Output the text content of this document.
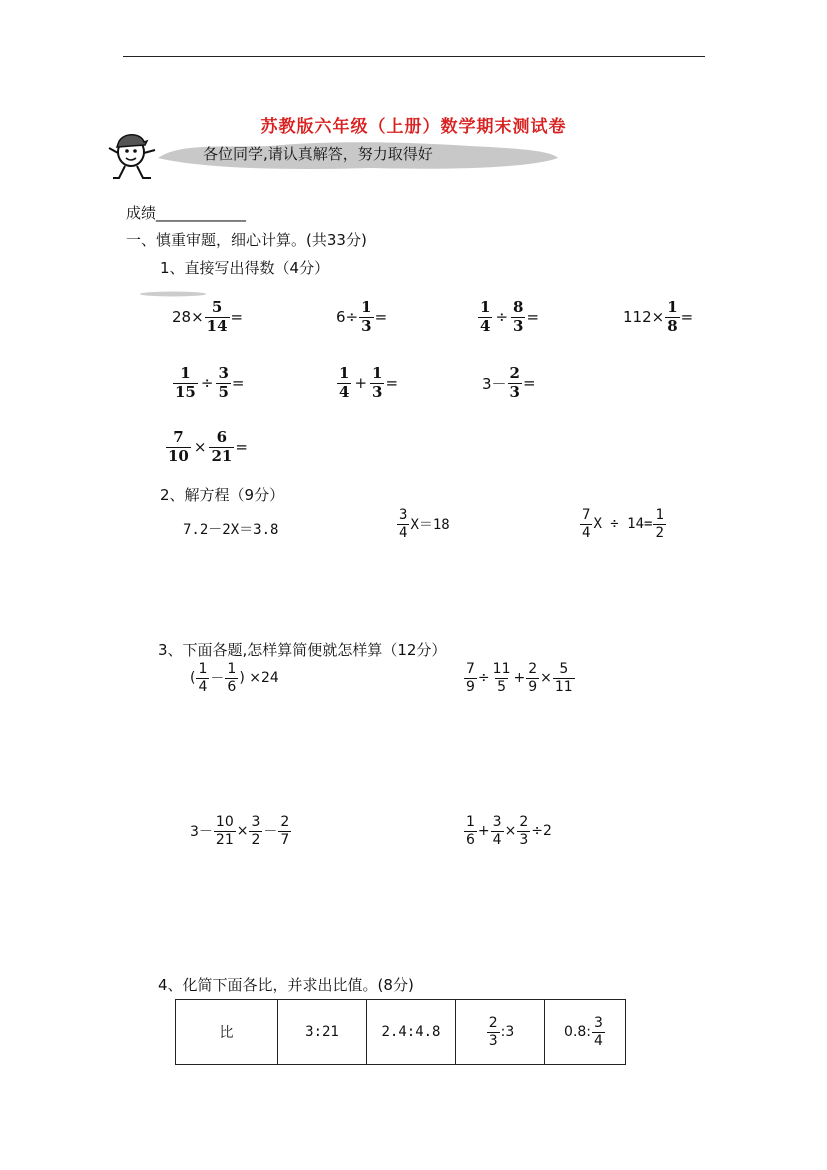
苏教版六年级（上册）数学期末测试卷
各位同学,请认真解答，努力取得好
成绩____________
一、慎重审题，细心计算。(共33分)
1、直接写出得数（4分）
$28\times \frac{5}{14}$ =	$6\div \frac{1}{3}$ =	$\frac{1}{4} \div \frac{8}{3}$ =	$112\times \frac{1}{8}$ =
$\frac{1}{15} \div \frac{3}{5}$ =	$\frac{1}{4} + \frac{1}{3}$ =	$3- \frac{2}{3}$ =
$\frac{7}{10} \times \frac{6}{21}$ =
2、解方程（9分）
7.2－2X＝3.8	$\frac{3}{4} X=18$	$\frac{7}{4}$ $X \div 14= \frac{1}{2}$
3、下面各题,怎样算简便就怎样算（12分）
( $\frac{1}{4} - \frac{1}{6}$ ) ×24	$\frac{7}{9} \div \frac{11}{5} + \frac{2}{9} \times \frac{5}{11}$
$3- \frac{10}{21} \times \frac{3}{2} - \frac{2}{7}$	$\frac{1}{6} + \frac{3}{4} \times \frac{2}{3} \div 2$
4、化简下面各比，并求出比值。(8分)
比	3:21	2.4:4.8	$\frac{2}{3}$ :3	0.8: $\frac{3}{4}$
